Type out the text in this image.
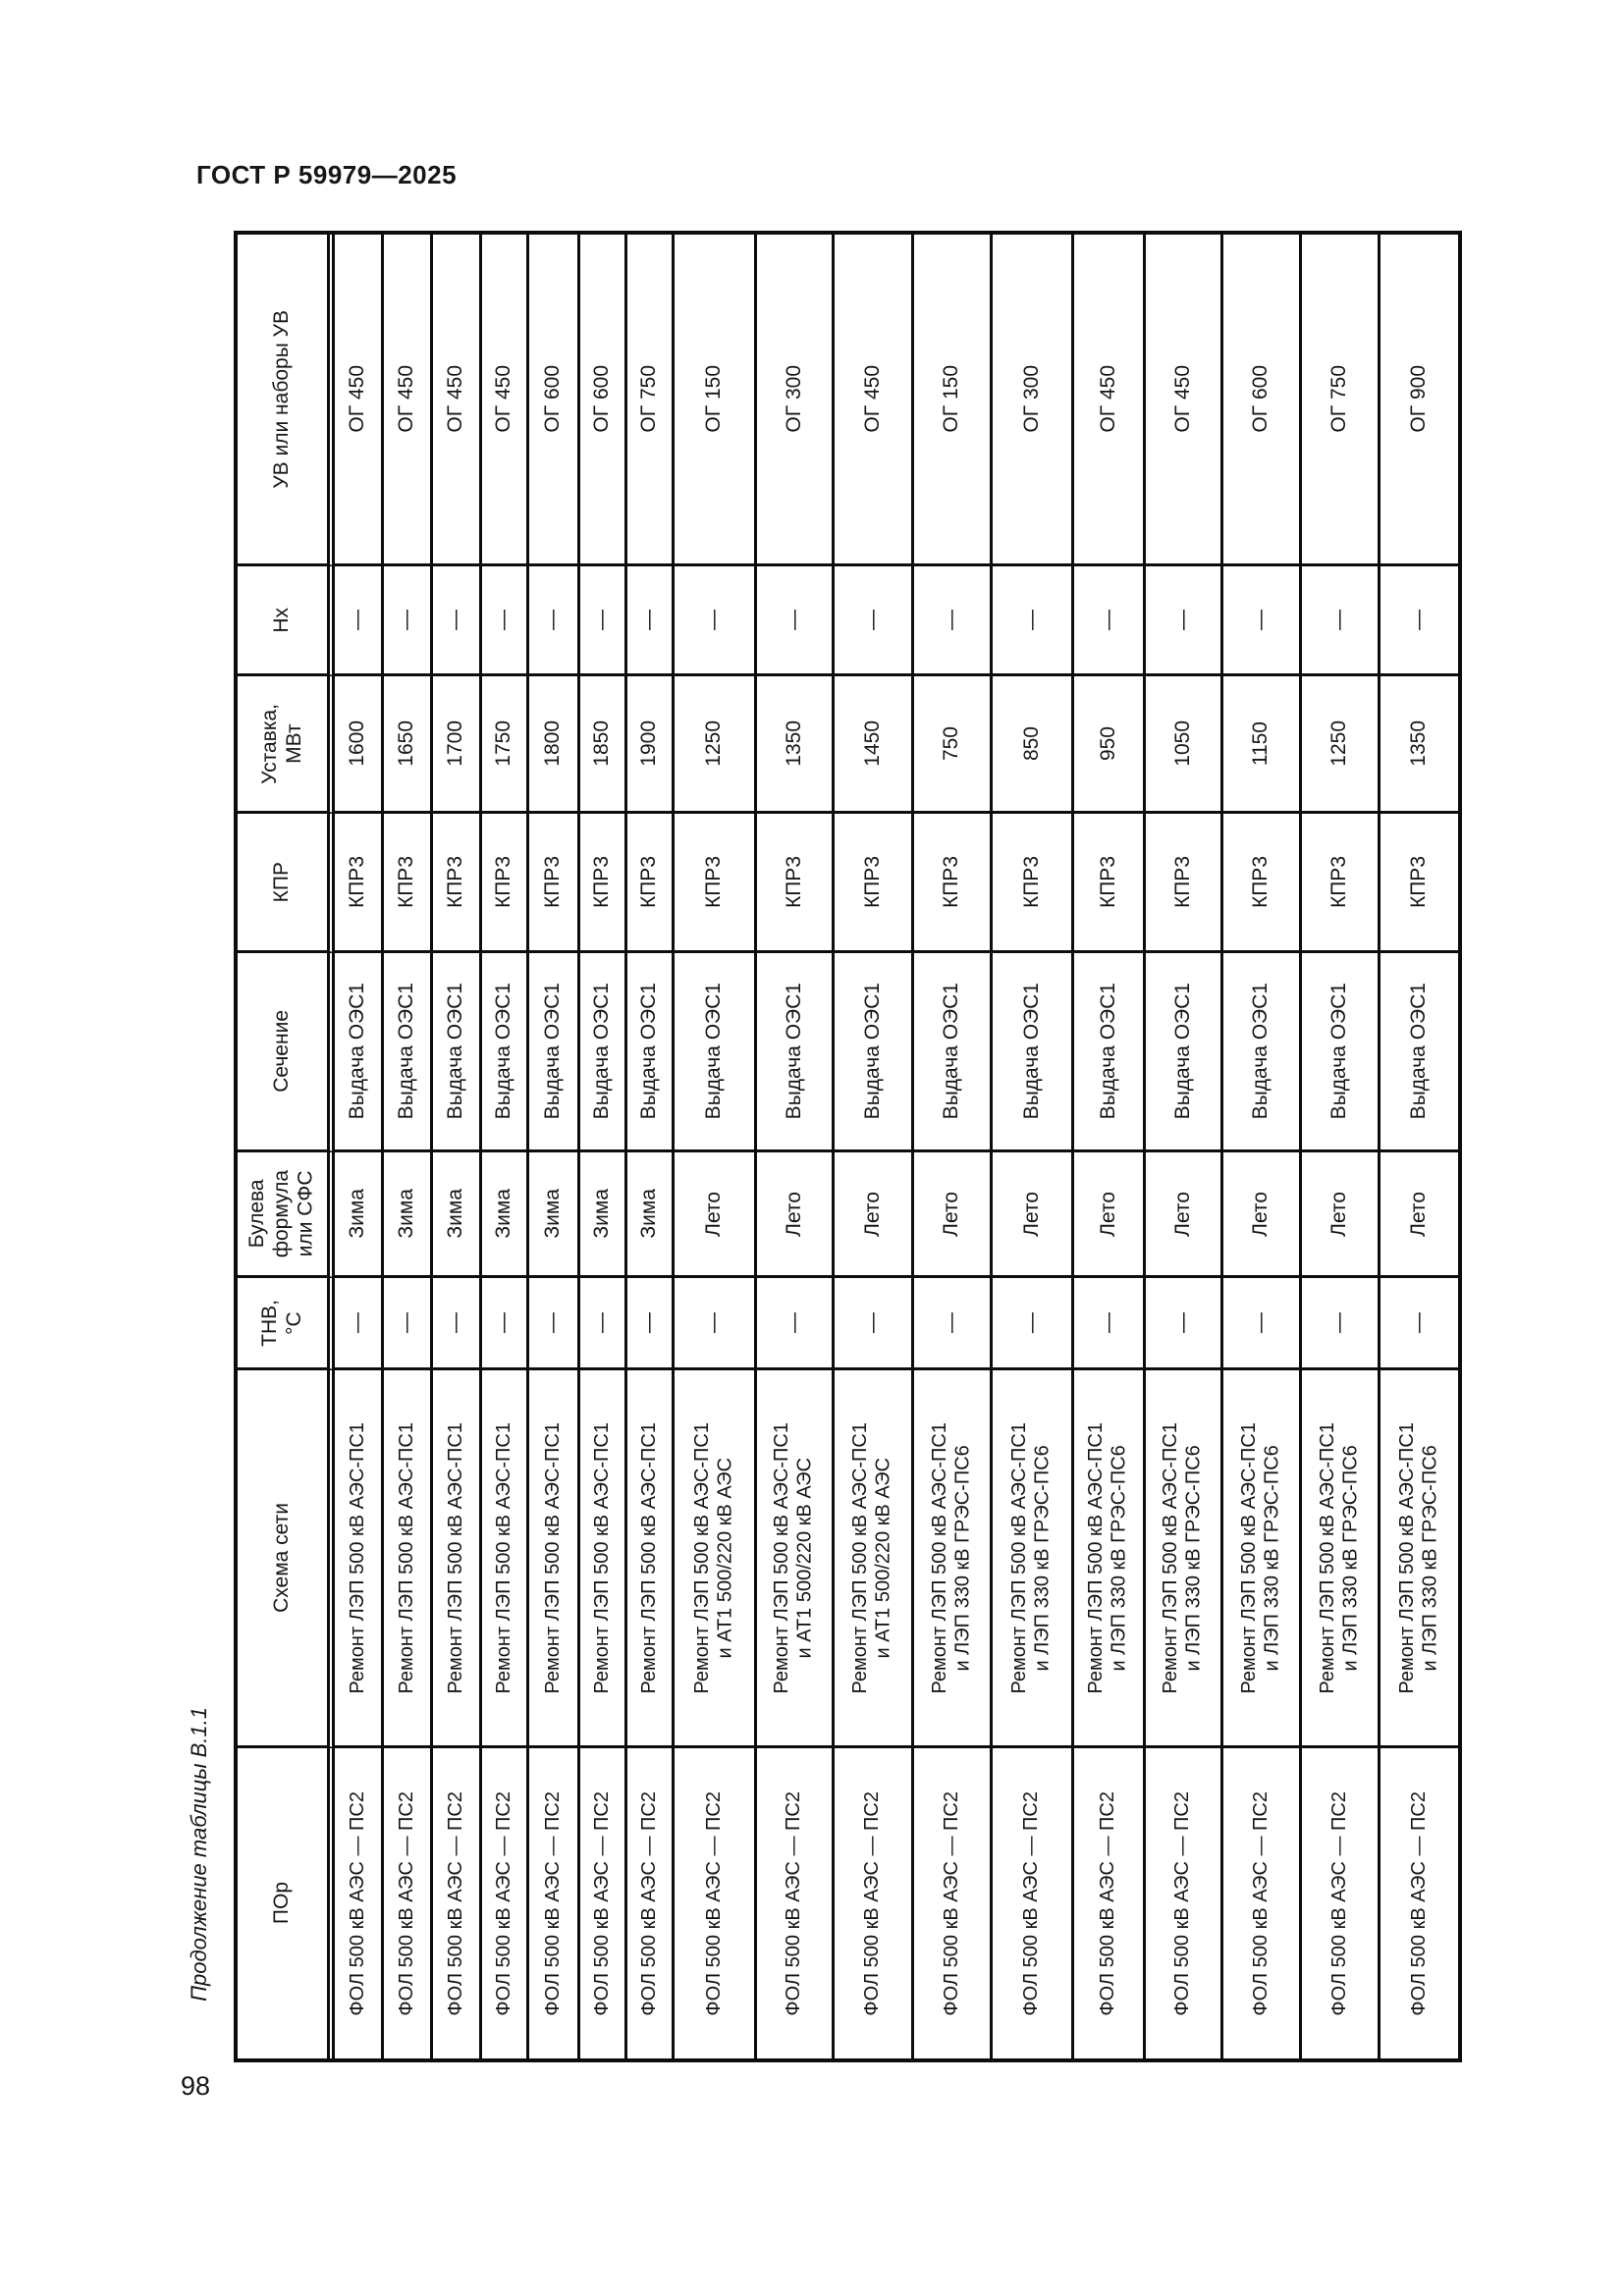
ГОСТ Р 59979—2025
Продолжение таблицы В.1.1
УВ или наборы УВ
Нх
Уставка,
МВт
КПР
Сечение
Булева
формула
или СФС
ТНВ,
°С
Схема сети
ПОр
ОГ 450
—
1600
КПР3
Выдача ОЭС1
Зима
—
Ремонт ЛЭП 500 кВ АЭС-ПС1
ФОЛ 500 кВ АЭС — ПС2
ОГ 450
—
1650
КПР3
Выдача ОЭС1
Зима
—
Ремонт ЛЭП 500 кВ АЭС-ПС1
ФОЛ 500 кВ АЭС — ПС2
ОГ 450
—
1700
КПР3
Выдача ОЭС1
Зима
—
Ремонт ЛЭП 500 кВ АЭС-ПС1
ФОЛ 500 кВ АЭС — ПС2
ОГ 450
—
1750
КПР3
Выдача ОЭС1
Зима
—
Ремонт ЛЭП 500 кВ АЭС-ПС1
ФОЛ 500 кВ АЭС — ПС2
ОГ 600
—
1800
КПР3
Выдача ОЭС1
Зима
—
Ремонт ЛЭП 500 кВ АЭС-ПС1
ФОЛ 500 кВ АЭС — ПС2
ОГ 600
—
1850
КПР3
Выдача ОЭС1
Зима
—
Ремонт ЛЭП 500 кВ АЭС-ПС1
ФОЛ 500 кВ АЭС — ПС2
ОГ 750
—
1900
КПР3
Выдача ОЭС1
Зима
—
Ремонт ЛЭП 500 кВ АЭС-ПС1
ФОЛ 500 кВ АЭС — ПС2
ОГ 150
—
1250
КПР3
Выдача ОЭС1
Лето
—
Ремонт ЛЭП 500 кВ АЭС-ПС1
и АТ1 500/220 кВ АЭС
ФОЛ 500 кВ АЭС — ПС2
ОГ 300
—
1350
КПР3
Выдача ОЭС1
Лето
—
Ремонт ЛЭП 500 кВ АЭС-ПС1
и АТ1 500/220 кВ АЭС
ФОЛ 500 кВ АЭС — ПС2
ОГ 450
—
1450
КПР3
Выдача ОЭС1
Лето
—
Ремонт ЛЭП 500 кВ АЭС-ПС1
и АТ1 500/220 кВ АЭС
ФОЛ 500 кВ АЭС — ПС2
ОГ 150
—
750
КПР3
Выдача ОЭС1
Лето
—
Ремонт ЛЭП 500 кВ АЭС-ПС1
и ЛЭП 330 кВ ГРЭС-ПС6
ФОЛ 500 кВ АЭС — ПС2
ОГ 300
—
850
КПР3
Выдача ОЭС1
Лето
—
Ремонт ЛЭП 500 кВ АЭС-ПС1
и ЛЭП 330 кВ ГРЭС-ПС6
ФОЛ 500 кВ АЭС — ПС2
ОГ 450
—
950
КПР3
Выдача ОЭС1
Лето
—
Ремонт ЛЭП 500 кВ АЭС-ПС1
и ЛЭП 330 кВ ГРЭС-ПС6
ФОЛ 500 кВ АЭС — ПС2
ОГ 450
—
1050
КПР3
Выдача ОЭС1
Лето
—
Ремонт ЛЭП 500 кВ АЭС-ПС1
и ЛЭП 330 кВ ГРЭС-ПС6
ФОЛ 500 кВ АЭС — ПС2
ОГ 600
—
1150
КПР3
Выдача ОЭС1
Лето
—
Ремонт ЛЭП 500 кВ АЭС-ПС1
и ЛЭП 330 кВ ГРЭС-ПС6
ФОЛ 500 кВ АЭС — ПС2
ОГ 750
—
1250
КПР3
Выдача ОЭС1
Лето
—
Ремонт ЛЭП 500 кВ АЭС-ПС1
и ЛЭП 330 кВ ГРЭС-ПС6
ФОЛ 500 кВ АЭС — ПС2
ОГ 900
—
1350
КПР3
Выдача ОЭС1
Лето
—
Ремонт ЛЭП 500 кВ АЭС-ПС1
и ЛЭП 330 кВ ГРЭС-ПС6
ФОЛ 500 кВ АЭС — ПС2
98
